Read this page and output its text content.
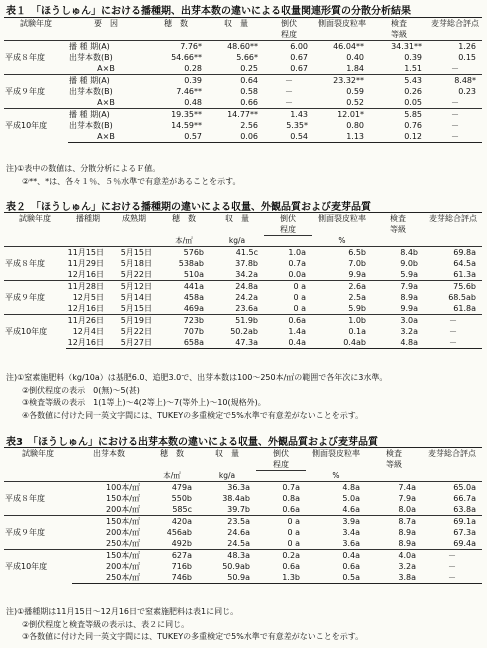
表１　「ほうしゅん」における播種期、出芽本数の違いによる収量関連形質の分散分析結果
試験年度	要　因	穂　数	収　量	倒伏	側面裂皮粒率	検査	麦芽総合評点
				程度		等級	
平成８年度	播 種 期(A)	7.76*	48.60**	6.00	46.04**	34.31**	1.26
	出芽本数(B)	54.66**	5.66*	0.67	0.40	0.39	0.15
	A×B	0.28	0.25	0.67	1.84	1.51	－
平成９年度	播 種 期(A)	0.39	0.64	－	23.32**	5.43	8.48*
	出芽本数(B)	7.46**	0.58	－	0.59	0.26	0.23
	A×B	0.48	0.66	－	0.52	0.05	－
平成10年度	播 種 期(A)	19.35**	14.77**	1.43	12.01*	5.85	－
	出芽本数(B)	14.59**	2.56	5.35*	0.80	0.76	－
	A×B	0.57	0.06	0.54	1.13	0.12	－
注)①表中の数値は、分散分析によるＦ値。
　　②**、*は、各々１％、５％水準で有意差があることを示す。
表２　「ほうしゅん」における播種期の違いによる収量、外観品質および麦芽品質
試験年度	播種期	成熟期	穂　数	収　量	倒伏	側面裂皮粒率	検査	麦芽総合評点
					程度		等級	
			本/㎡	kg/a		%		
平成８年度	11月15日	5月15日	576b	41.5c	1.0a	6.5b	8.4b	69.8a
	11月29日	5月18日	538ab	37.8b	0.7a	7.0b	9.0b	64.5a
	12月16日	5月22日	510a	34.2a	0.0a	9.9a	5.9a	61.3a
平成９年度	11月28日	5月12日	441a	24.8a	0 a	2.6a	7.9a	75.6b
	12月5日	5月14日	458a	24.2a	0 a	2.5a	8.9a	68.5ab
	12月16日	5月15日	469a	23.6a	0 a	5.9b	9.9a	61.8a
平成10年度	11月26日	5月19日	723b	51.9b	0.6a	1.0b	3.0a	－
	12月4日	5月22日	707b	50.2ab	1.4a	0.1a	3.2a	－
	12月16日	5月27日	658a	47.3a	0.4a	0.4ab	4.8a	－
注)①窒素施肥料（kg/10a）は基肥6.0、追肥3.0で、出芽本数は100～250本/㎡の範囲で各年次に3水準。
　　②倒伏程度の表示　0(無)～5(甚)
　　③検査等級の表示　1(1等上)～4(2等上)～7(等外上)～10(規格外)。
　　④各数値に付けた同一英文字間には、TUKEYの多重検定で5%水準で有意差がないことを示す。
表3　「ほうしゅん」における出芽本数の違いによる収量、外観品質および麦芽品質
試験年度	出芽本数	穂　数	収　量	倒伏	側面裂皮粒率	検査	麦芽総合評点
				程度		等級	
		本/㎡	kg/a		%		
平成８年度	100本/㎡	479a	36.3a	0.7a	4.8a	7.4a	65.0a
	150本/㎡	550b	38.4ab	0.8a	5.0a	7.9a	66.7a
	200本/㎡	585c	39.7b	0.6a	4.6a	8.0a	63.8a
平成９年度	150本/㎡	420a	23.5a	0 a	3.9a	8.7a	69.1a
	200本/㎡	456ab	24.6a	0 a	3.4a	8.9a	67.3a
	250本/㎡	492b	24.5a	0 a	3.6a	8.9a	69.4a
平成10年度	150本/㎡	627a	48.3a	0.2a	0.4a	4.0a	－
	200本/㎡	716b	50.9ab	0.6a	0.6a	3.2a	－
	250本/㎡	746b	50.9a	1.3b	0.5a	3.8a	－
注)①播種期は11月15日～12月16日で窒素施肥料は表1に同じ。
　　②倒伏程度と検査等級の表示は、表２に同じ。
　　③各数値に付けた同一英文字間には、TUKEYの多重検定で5%水準で有意差がないことを示す。
